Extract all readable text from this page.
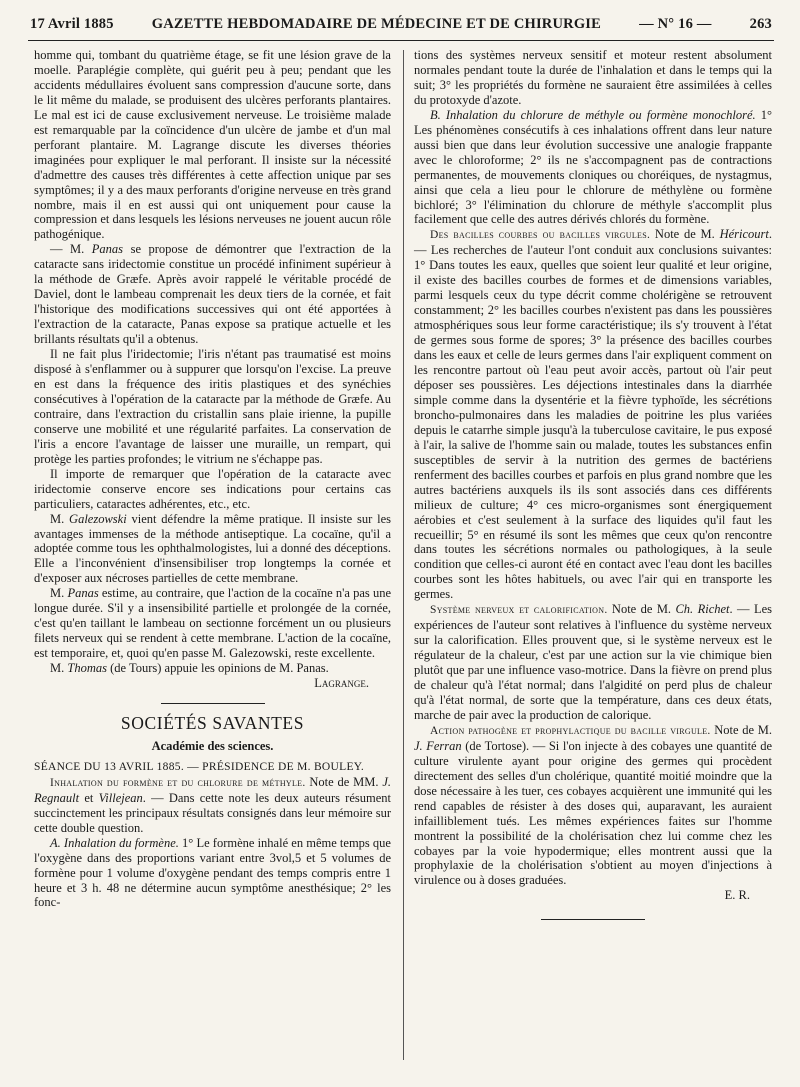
17 Avril 1885	GAZETTE HEBDOMADAIRE DE MÉDECINE ET DE CHIRURGIE	— N° 16 —	263

homme qui, tombant du quatrième étage, se fit une lésion grave de la moelle. Paraplégie complète, qui guérit peu à peu; pendant que les accidents médullaires évoluent sans compression d'aucune sorte, dans le lit même du malade, se produisent des ulcères perforants plantaires. Le mal est ici de cause exclusivement nerveuse. Le troisième malade est remarquable par la coïncidence d'un ulcère de jambe et d'un mal perforant plantaire. M. Lagrange discute les diverses théories imaginées pour expliquer le mal perforant. Il insiste sur la nécessité d'admettre des causes très différentes à cette affection unique par ses symptômes; il y a des maux perforants d'origine nerveuse en très grand nombre, mais il en est aussi qui ont uniquement pour cause la compression et dans lesquels les lésions nerveuses ne jouent aucun rôle pathogénique.

— M. Panas se propose de démontrer que l'extraction de la cataracte sans iridectomie constitue un procédé infiniment supérieur à la méthode de Græfe. Après avoir rappelé le véritable procédé de Daviel, dont le lambeau comprenait les deux tiers de la cornée, et fait l'historique des modifications successives qui ont été apportées à l'extraction de la cataracte, Panas expose sa pratique actuelle et les brillants résultats qu'il a obtenus.

Il ne fait plus l'iridectomie; l'iris n'étant pas traumatisé est moins disposé à s'enflammer ou à suppurer que lorsqu'on l'excise. La preuve en est dans la fréquence des iritis plastiques et des synéchies consécutives à l'opération de la cataracte par la méthode de Græfe. Au contraire, dans l'extraction du cristallin sans plaie irienne, la pupille conserve une mobilité et une régularité parfaites. La conservation de l'iris a encore l'avantage de laisser une muraille, un rempart, qui protège les parties profondes; le vitrium ne s'échappe pas.

Il importe de remarquer que l'opération de la cataracte avec iridectomie conserve encore ses indications pour certains cas particuliers, cataractes adhérentes, etc., etc.

M. Galezowski vient défendre la même pratique. Il insiste sur les avantages immenses de la méthode antiseptique. La cocaïne, qu'il a adoptée comme tous les ophthalmologistes, lui a donné des déceptions. Elle a l'inconvénient d'insensibiliser trop longtemps la cornée et d'exposer aux nécroses partielles de cette membrane.

M. Panas estime, au contraire, que l'action de la cocaïne n'a pas une longue durée. S'il y a insensibilité partielle et prolongée de la cornée, c'est qu'en taillant le lambeau on sectionne forcément un ou plusieurs filets nerveux qui se rendent à cette membrane. L'action de la cocaïne, est temporaire, et, quoi qu'en passe M. Galezowski, reste excellente.

M. Thomas (de Tours) appuie les opinions de M. Panas.

Lagrange.
SOCIÉTÉS SAVANTES
Académie des sciences.

SÉANCE DU 13 AVRIL 1885. — PRÉSIDENCE DE M. BOULEY.

Inhalation du formène et du chlorure de méthyle. Note de MM. J. Regnault et Villejean. — Dans cette note les deux auteurs résument succinctement les principaux résultats consignés dans leur mémoire sur cette double question.

A. Inhalation du formène. 1° Le formène inhalé en même temps que l'oxygène dans des proportions variant entre 3vol,5 et 5 volumes de formène pour 1 volume d'oxygène pendant des temps compris entre 1 heure et 3 h. 48 ne détermine aucun symptôme anesthésique; 2° les fonc-

tions des systèmes nerveux sensitif et moteur restent absolument normales pendant toute la durée de l'inhalation et dans le temps qui la suit; 3° les propriétés du formène ne sauraient être assimilées à celles du protoxyde d'azote.

B. Inhalation du chlorure de méthyle ou formène monochloré. 1° Les phénomènes consécutifs à ces inhalations offrent dans leur nature aussi bien que dans leur évolution successive une analogie frappante avec le chloroforme; 2° ils ne s'accompagnent pas de contractions permanentes, de mouvements cloniques ou choréiques, de nystagmus, ainsi que cela a lieu pour le chlorure de méthylène ou formène bichloré; 3° l'élimination du chlorure de méthyle s'accomplit plus facilement que celle des autres dérivés chlorés du formène.

Des bacilles courbes ou bacilles virgules. Note de M. Héricourt. — Les recherches de l'auteur l'ont conduit aux conclusions suivantes: 1° Dans toutes les eaux, quelles que soient leur qualité et leur origine, il existe des bacilles courbes de formes et de dimensions variables, parmi lesquels ceux du type décrit comme cholérigène se retrouvent constamment; 2° les bacilles courbes n'existent pas dans les poussières atmosphériques sous leur forme caractéristique; ils s'y trouvent à l'état de germes sous forme de spores; 3° la présence des bacilles courbes dans les eaux et celle de leurs germes dans l'air expliquent comment on les rencontre partout où l'eau peut avoir accès, partout où l'air peut déposer ses poussières. Les déjections intestinales dans la diarrhée simple comme dans la dysentérie et la fièvre typhoïde, les sécrétions broncho-pulmonaires dans les maladies de poitrine les plus variées depuis le catarrhe simple jusqu'à la tuberculose cavitaire, le pus exposé à l'air, la salive de l'homme sain ou malade, toutes les substances enfin susceptibles de servir à la nutrition des germes de bactériens renferment des bacilles courbes et parfois en plus grand nombre que les autres bactériens auxquels ils ils sont associés dans ces différents milieux de culture; 4° ces micro-organismes sont énergiquement aérobies et c'est seulement à la surface des liquides qu'il faut les recueillir; 5° en résumé ils sont les mêmes que ceux qu'on rencontre dans toutes les sécrétions normales ou pathologiques, à la seule condition que celles-ci auront été en contact avec l'eau dont les bacilles courbes sont les hôtes habituels, ou avec l'air qui en transporte les germes.

Système nerveux et calorification. Note de M. Ch. Richet. — Les expériences de l'auteur sont relatives à l'influence du système nerveux sur la calorification. Elles prouvent que, si le système nerveux est le régulateur de la chaleur, c'est par une action sur la vie chimique bien plutôt que par une influence vaso-motrice. Dans la fièvre on prend plus de chaleur qu'à l'état normal; dans l'algidité on perd plus de chaleur qu'à l'état normal, de sorte que la température, dans ces deux états, marche de pair avec la production de calorique.

Action pathogène et prophylactique du bacille virgule. Note de M. J. Ferran (de Tortose). — Si l'on injecte à des cobayes une quantité de culture virulente ayant pour origine des germes qui procèdent directement des selles d'un cholérique, quantité moitié moindre que la dose nécessaire à les tuer, ces cobayes acquièrent une immunité qui les rend capables de résister à des doses qui, auparavant, les auraient infailliblement tués. Les mêmes expériences faites sur l'homme montrent la possibilité de la cholérisation chez lui comme chez les cobayes par la voie hypodermique; elles montrent aussi que la prophylaxie de la cholérisation s'obtient au moyen d'injections à virulence ou à doses graduées.

E. R.
